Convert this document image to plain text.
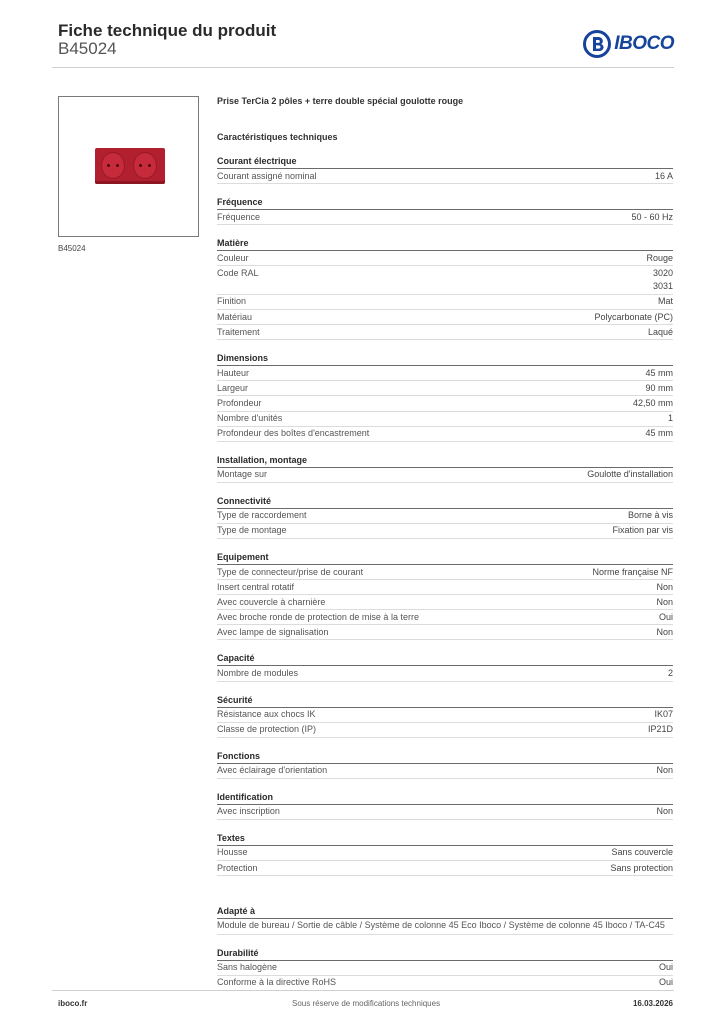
Fiche technique du produit
B45024	IBOCO
B45024
Prise TerCia 2 pôles + terre double spécial goulotte rouge
Caractéristiques techniques
Courant électrique
Courant assigné nominal	16 A
Fréquence
Fréquence	50 - 60 Hz
Matière
Couleur	Rouge
Code RAL	3020
3031
Finition	Mat
Matériau	Polycarbonate (PC)
Traitement	Laqué
Dimensions
Hauteur	45 mm
Largeur	90 mm
Profondeur	42,50 mm
Nombre d'unités	1
Profondeur des boîtes d'encastrement	45 mm
Installation, montage
Montage sur	Goulotte d'installation
Connectivité
Type de raccordement	Borne à vis
Type de montage	Fixation par vis
Equipement
Type de connecteur/prise de courant	Norme française NF
Insert central rotatif	Non
Avec couvercle à charnière	Non
Avec broche ronde de protection de mise à la terre	Oui
Avec lampe de signalisation	Non
Capacité
Nombre de modules	2
Sécurité
Résistance aux chocs IK	IK07
Classe de protection (IP)	IP21D
Fonctions
Avec éclairage d'orientation	Non
Identification
Avec inscription	Non
Textes
Housse	Sans couvercle
Protection	Sans protection
Adapté à
Module de bureau / Sortie de câble / Système de colonne 45 Eco Iboco / Système de colonne 45 Iboco / TA-C45
Durabilité
Sans halogène	Oui
Conforme à la directive RoHS	Oui
iboco.fr	Sous réserve de modifications techniques	16.03.2026
